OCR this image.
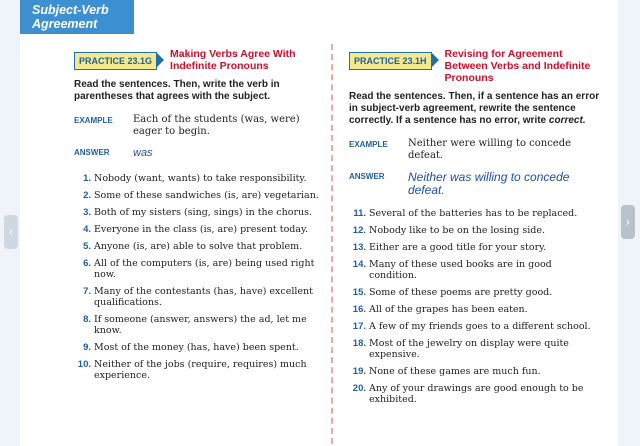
Subject-Verb
Agreement
PRACTICE 23.1G
Making Verbs Agree With Indefinite Pronouns
Read the sentences. Then, write the verb in parentheses that agrees with the subject.
EXAMPLE	Each of the students (was, were) eager to begin.
ANSWER	was
1. Nobody (want, wants) to take responsibility.
2. Some of these sandwiches (is, are) vegetarian.
3. Both of my sisters (sing, sings) in the chorus.
4. Everyone in the class (is, are) present today.
5. Anyone (is, are) able to solve that problem.
6. All of the computers (is, are) being used right now.
7. Many of the contestants (has, have) excellent qualifications.
8. If someone (answer, answers) the ad, let me know.
9. Most of the money (has, have) been spent.
10. Neither of the jobs (require, requires) much experience.
PRACTICE 23.1H
Revising for Agreement Between Verbs and Indefinite Pronouns
Read the sentences. Then, if a sentence has an error in subject-verb agreement, rewrite the sentence correctly. If a sentence has no error, write correct.
EXAMPLE	Neither were willing to concede defeat.
ANSWER	Neither was willing to concede defeat.
11. Several of the batteries has to be replaced.
12. Nobody like to be on the losing side.
13. Either are a good title for your story.
14. Many of these used books are in good condition.
15. Some of these poems are pretty good.
16. All of the grapes has been eaten.
17. A few of my friends goes to a different school.
18. Most of the jewelry on display were quite expensive.
19. None of these games are much fun.
20. Any of your drawings are good enough to be exhibited.
‹
›
